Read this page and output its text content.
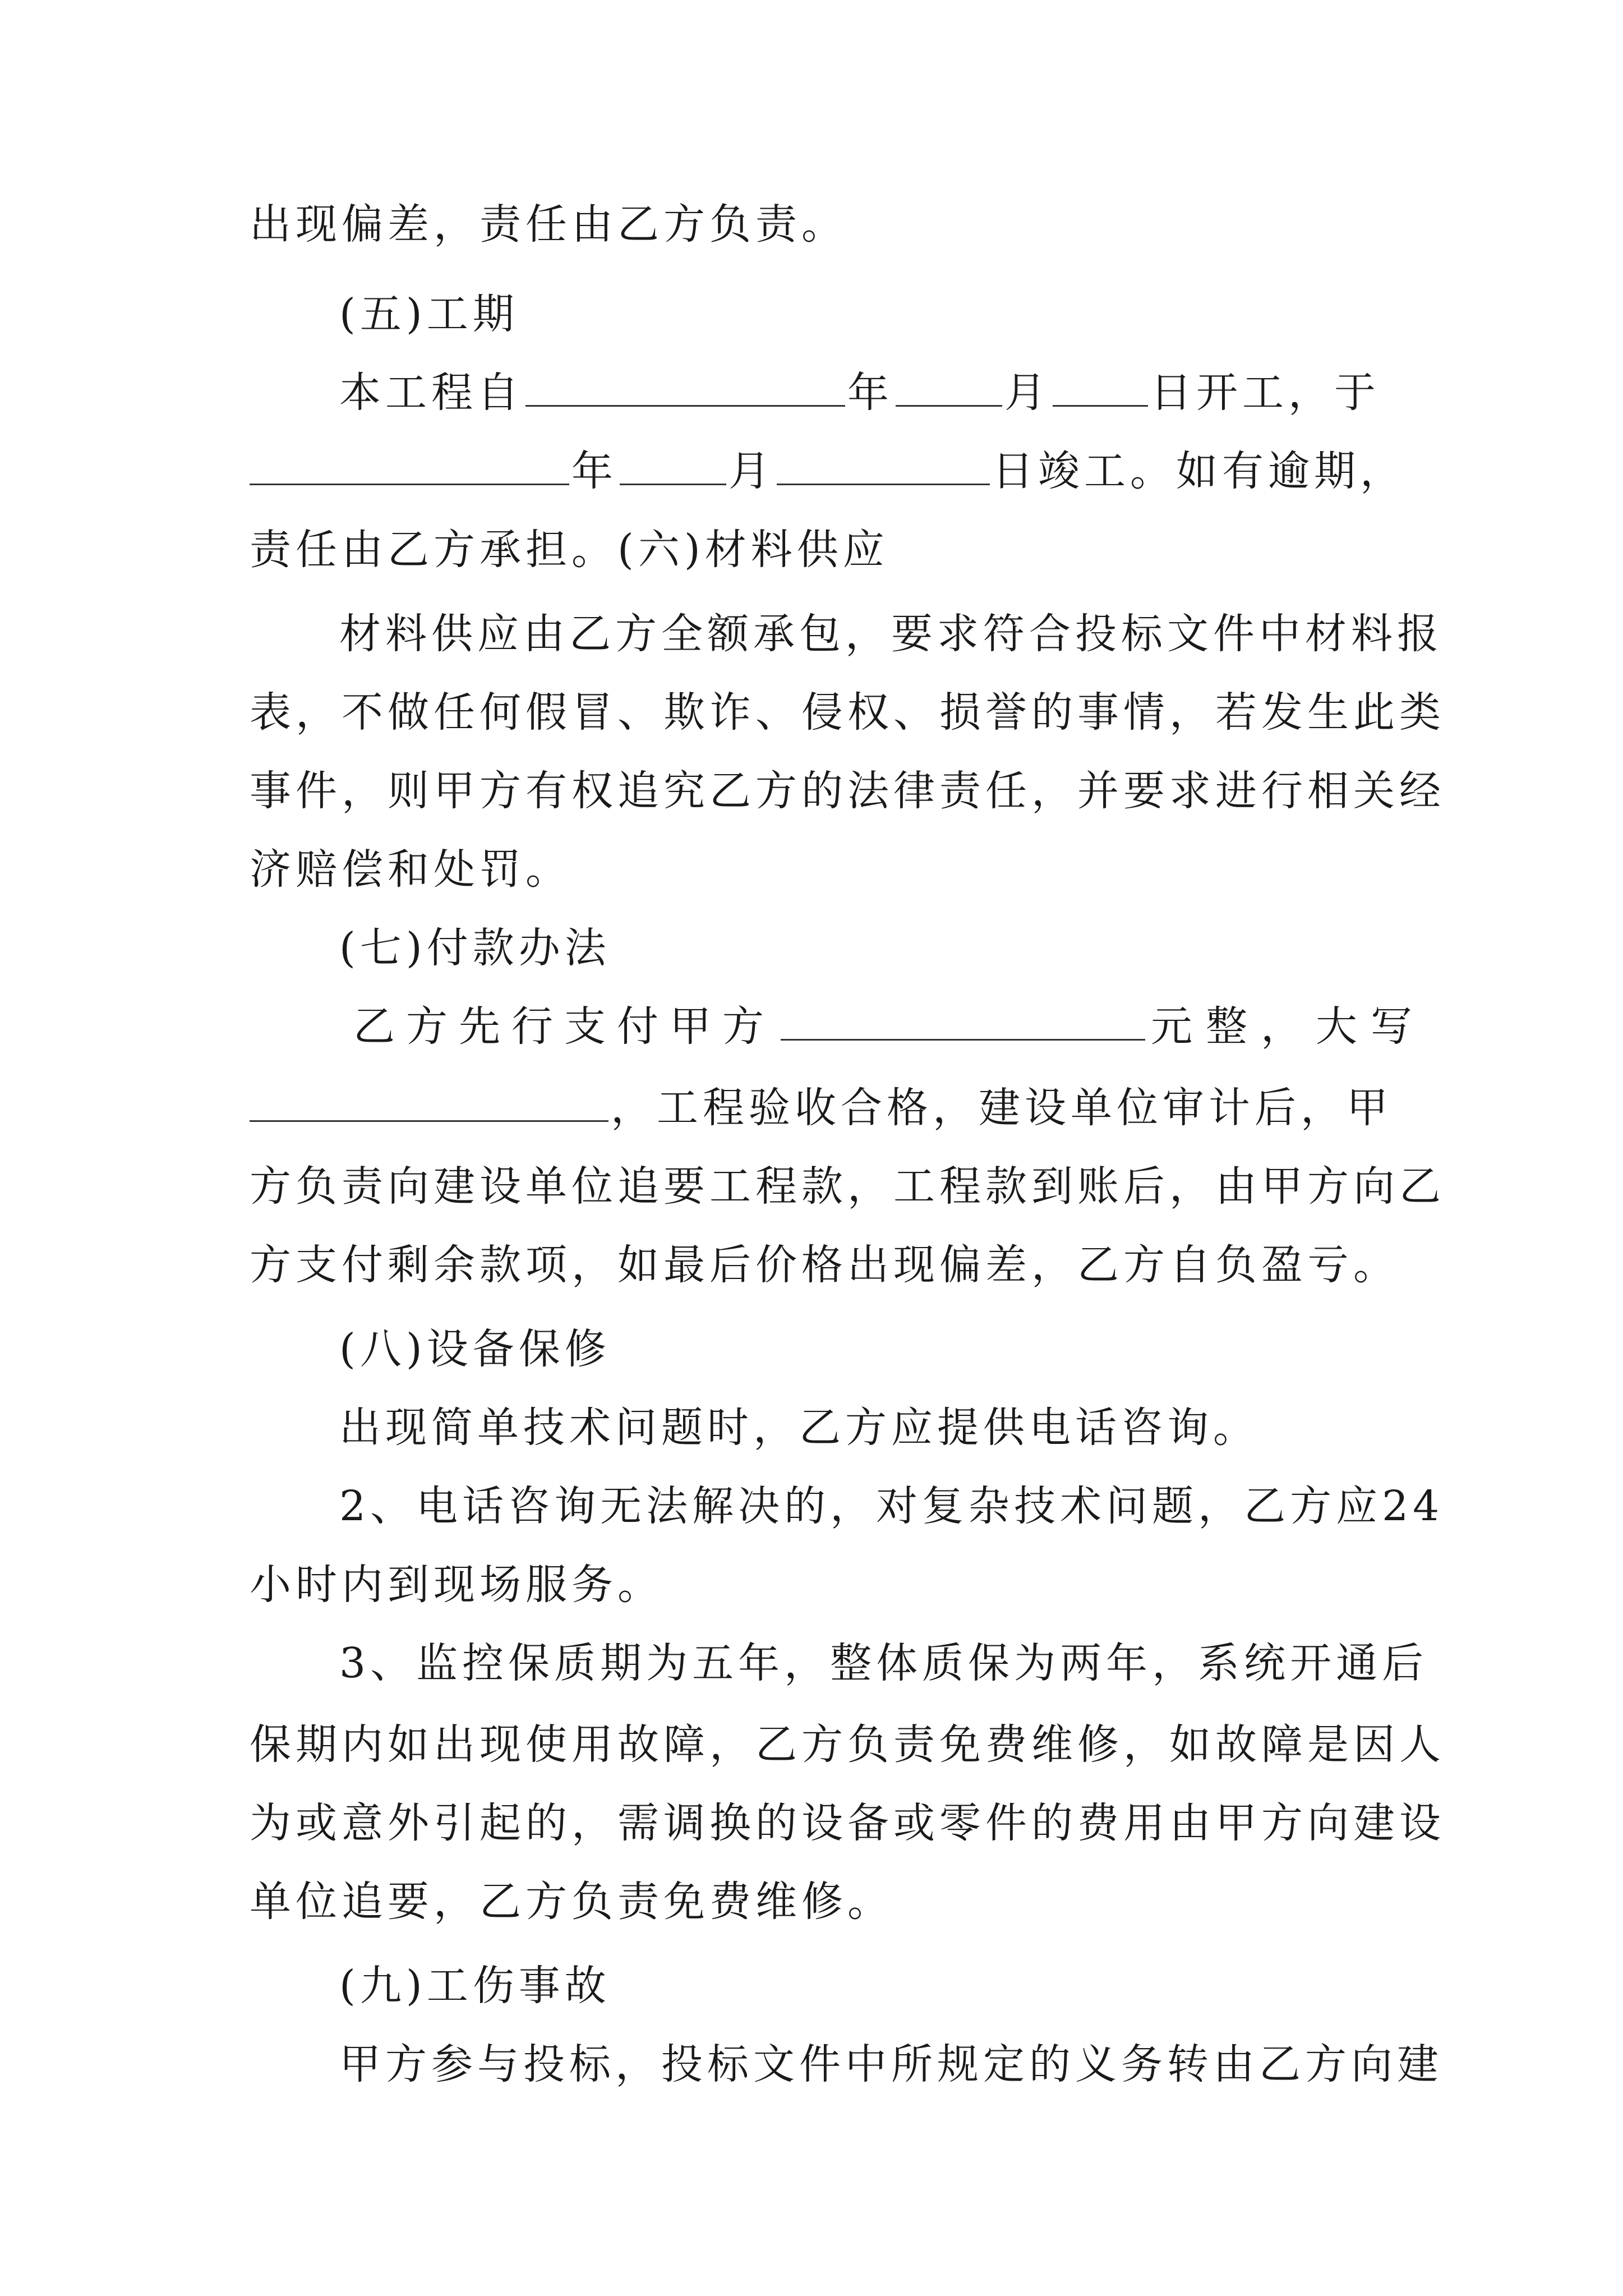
出现偏差，责任由乙方负责。
(五)工期
本工程自	年	月 日开工，于
年	月	日竣工。如有逾期，
责任由乙方承担。(六)材料供应
材料供应由乙方全额承包，要求符合投标文件中材料报
表，不做任何假冒、欺诈、侵权、损誉的事情，若发生此类
事件，则甲方有权追究乙方的法律责任，并要求进行相关经
济赔偿和处罚。
(七)付款办法
乙方先行支付甲方	元整，大写
，工程验收合格，建设单位审计后，甲
方负责向建设单位追要工程款，工程款到账后，由甲方向乙
方支付剩余款项，如最后价格出现偏差，乙方自负盈亏。
(八)设备保修
出现简单技术问题时，乙方应提供电话咨询。
2、电话咨询无法解决的，对复杂技术问题，乙方应24
小时内到现场服务。
3、监控保质期为五年，整体质保为两年，系统开通后
保期内如出现使用故障，乙方负责免费维修，如故障是因人
为或意外引起的，需调换的设备或零件的费用由甲方向建设
单位追要，乙方负责免费维修。
(九)工伤事故
甲方参与投标，投标文件中所规定的义务转由乙方向建
